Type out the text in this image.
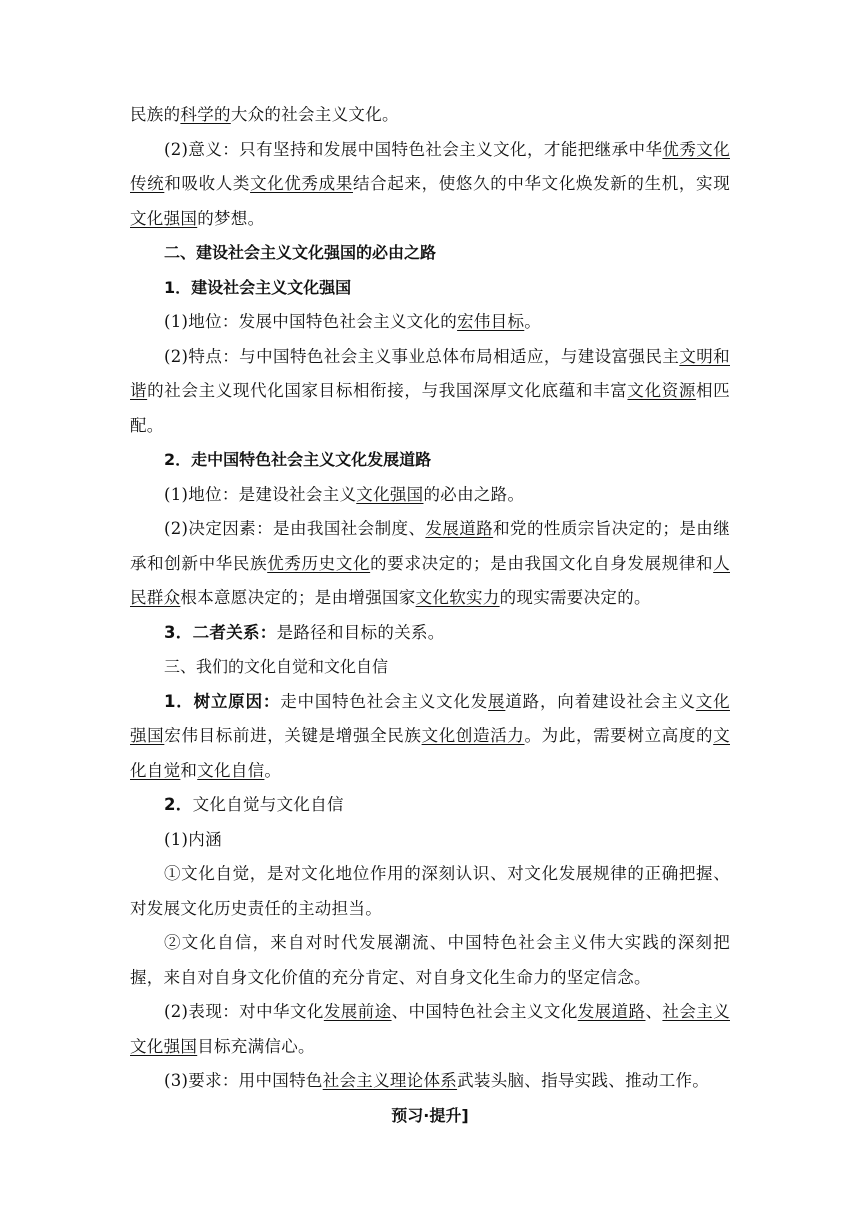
民族的科学的大众的社会主义文化。

(2)意义：只有坚持和发展中国特色社会主义文化，才能把继承中华优秀文化传统和吸收人类文化优秀成果结合起来，使悠久的中华文化焕发新的生机，实现文化强国的梦想。

二、建设社会主义文化强国的必由之路

1．建设社会主义文化强国

(1)地位：发展中国特色社会主义文化的宏伟目标。

(2)特点：与中国特色社会主义事业总体布局相适应，与建设富强民主文明和谐的社会主义现代化国家目标相衔接，与我国深厚文化底蕴和丰富文化资源相匹配。

2．走中国特色社会主义文化发展道路

(1)地位：是建设社会主义文化强国的必由之路。

(2)决定因素：是由我国社会制度、发展道路和党的性质宗旨决定的；是由继承和创新中华民族优秀历史文化的要求决定的；是由我国文化自身发展规律和人民群众根本意愿决定的；是由增强国家文化软实力的现实需要决定的。

3．二者关系：是路径和目标的关系。

三、我们的文化自觉和文化自信

1．树立原因：走中国特色社会主义文化发展道路，向着建设社会主义文化强国宏伟目标前进，关键是增强全民族文化创造活力。为此，需要树立高度的文化自觉和文化自信。

2．文化自觉与文化自信

(1)内涵

①文化自觉，是对文化地位作用的深刻认识、对文化发展规律的正确把握、对发展文化历史责任的主动担当。

②文化自信，来自对时代发展潮流、中国特色社会主义伟大实践的深刻把握，来自对自身文化价值的充分肯定、对自身文化生命力的坚定信念。

(2)表现：对中华文化发展前途、中国特色社会主义文化发展道路、社会主义文化强国目标充满信心。

(3)要求：用中国特色社会主义理论体系武装头脑、指导实践、推动工作。

预习·提升]
